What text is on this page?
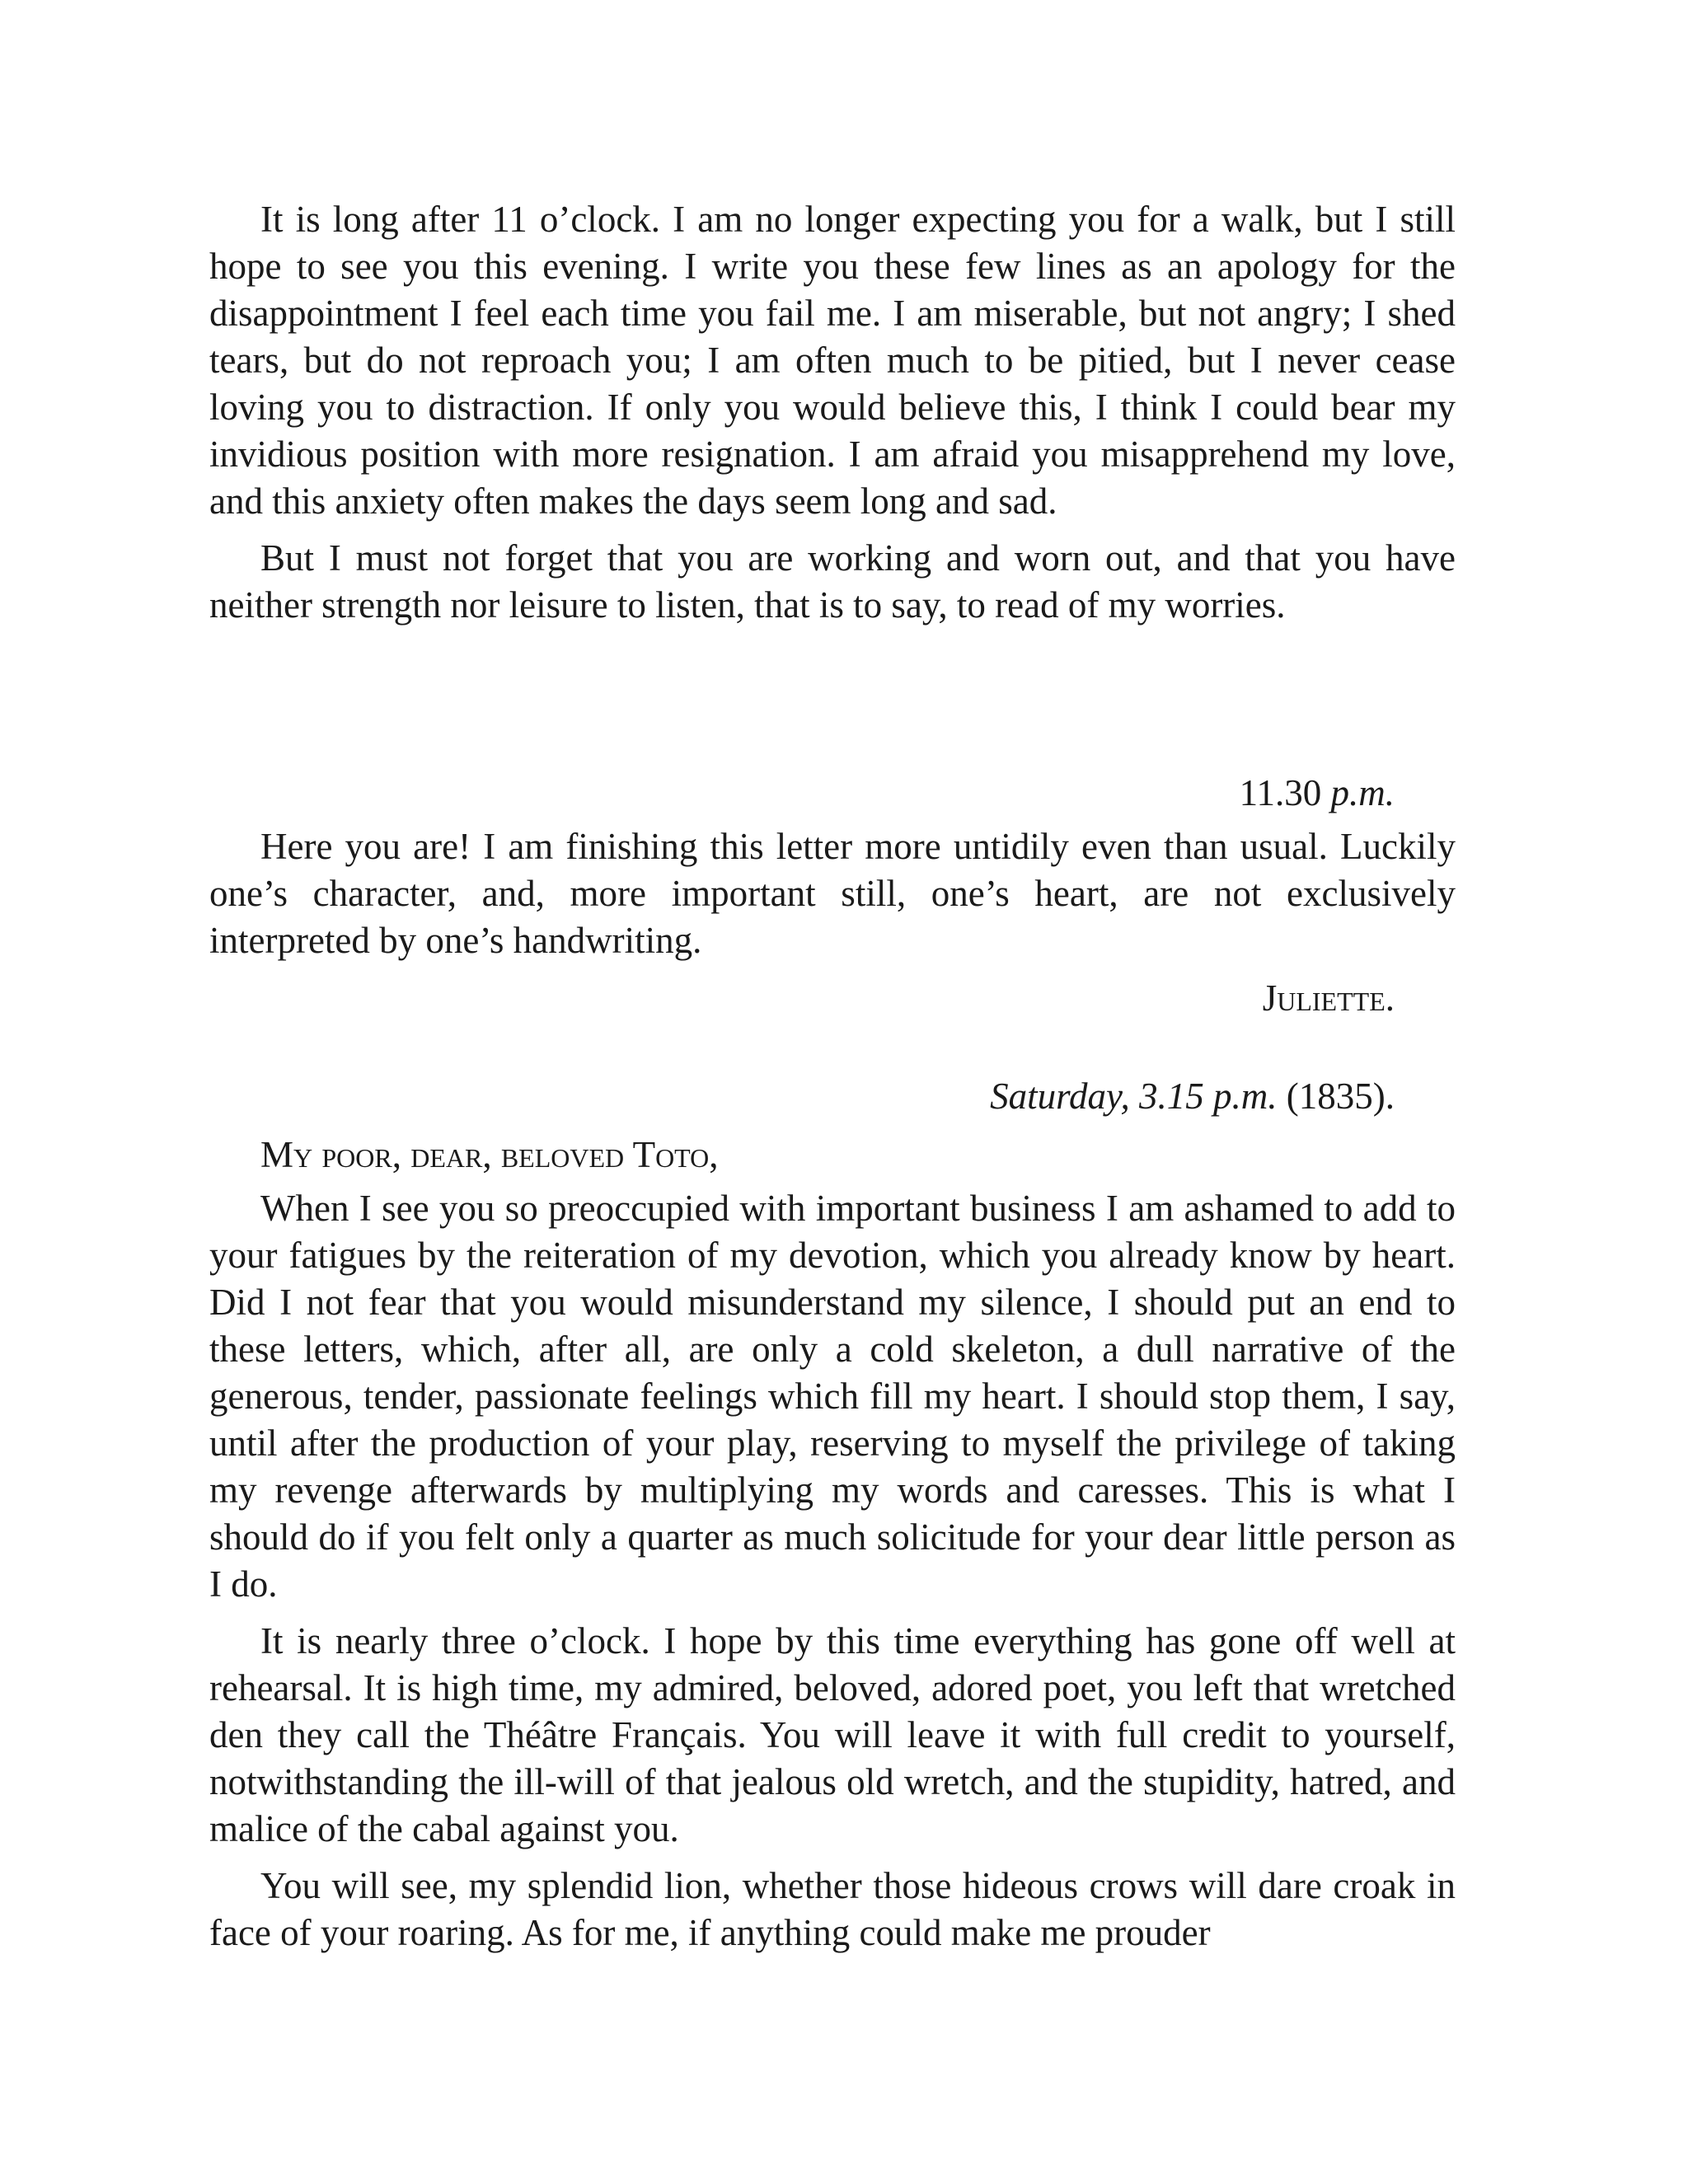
It is long after 11 o’clock. I am no longer expecting you for a walk, but I still hope to see you this evening. I write you these few lines as an apology for the disappointment I feel each time you fail me. I am miserable, but not angry; I shed tears, but do not reproach you; I am often much to be pitied, but I never cease loving you to distraction. If only you would believe this, I think I could bear my invidious position with more resignation. I am afraid you misapprehend my love, and this anxiety often makes the days seem long and sad.

But I must not forget that you are working and worn out, and that you have neither strength nor leisure to listen, that is to say, to read of my worries.

11.30 p.m.

Here you are! I am finishing this letter more untidily even than usual. Luckily one’s character, and, more important still, one’s heart, are not exclusively interpreted by one’s handwriting.

Juliette.
Saturday, 3.15 p.m. (1835).

My poor, dear, beloved Toto,

When I see you so preoccupied with important business I am ashamed to add to your fatigues by the reiteration of my devotion, which you already know by heart. Did I not fear that you would misunderstand my silence, I should put an end to these letters, which, after all, are only a cold skeleton, a dull narrative of the generous, tender, passionate feelings which fill my heart. I should stop them, I say, until after the production of your play, reserving to myself the privilege of taking my revenge afterwards by multiplying my words and caresses. This is what I should do if you felt only a quarter as much solicitude for your dear little person as I do.

It is nearly three o’clock. I hope by this time everything has gone off well at rehearsal. It is high time, my admired, beloved, adored poet, you left that wretched den they call the Théâtre Français. You will leave it with full credit to yourself, notwithstanding the ill-will of that jealous old wretch, and the stupidity, hatred, and malice of the cabal against you.

You will see, my splendid lion, whether those hideous crows will dare croak in face of your roaring. As for me, if anything could make me prouder
